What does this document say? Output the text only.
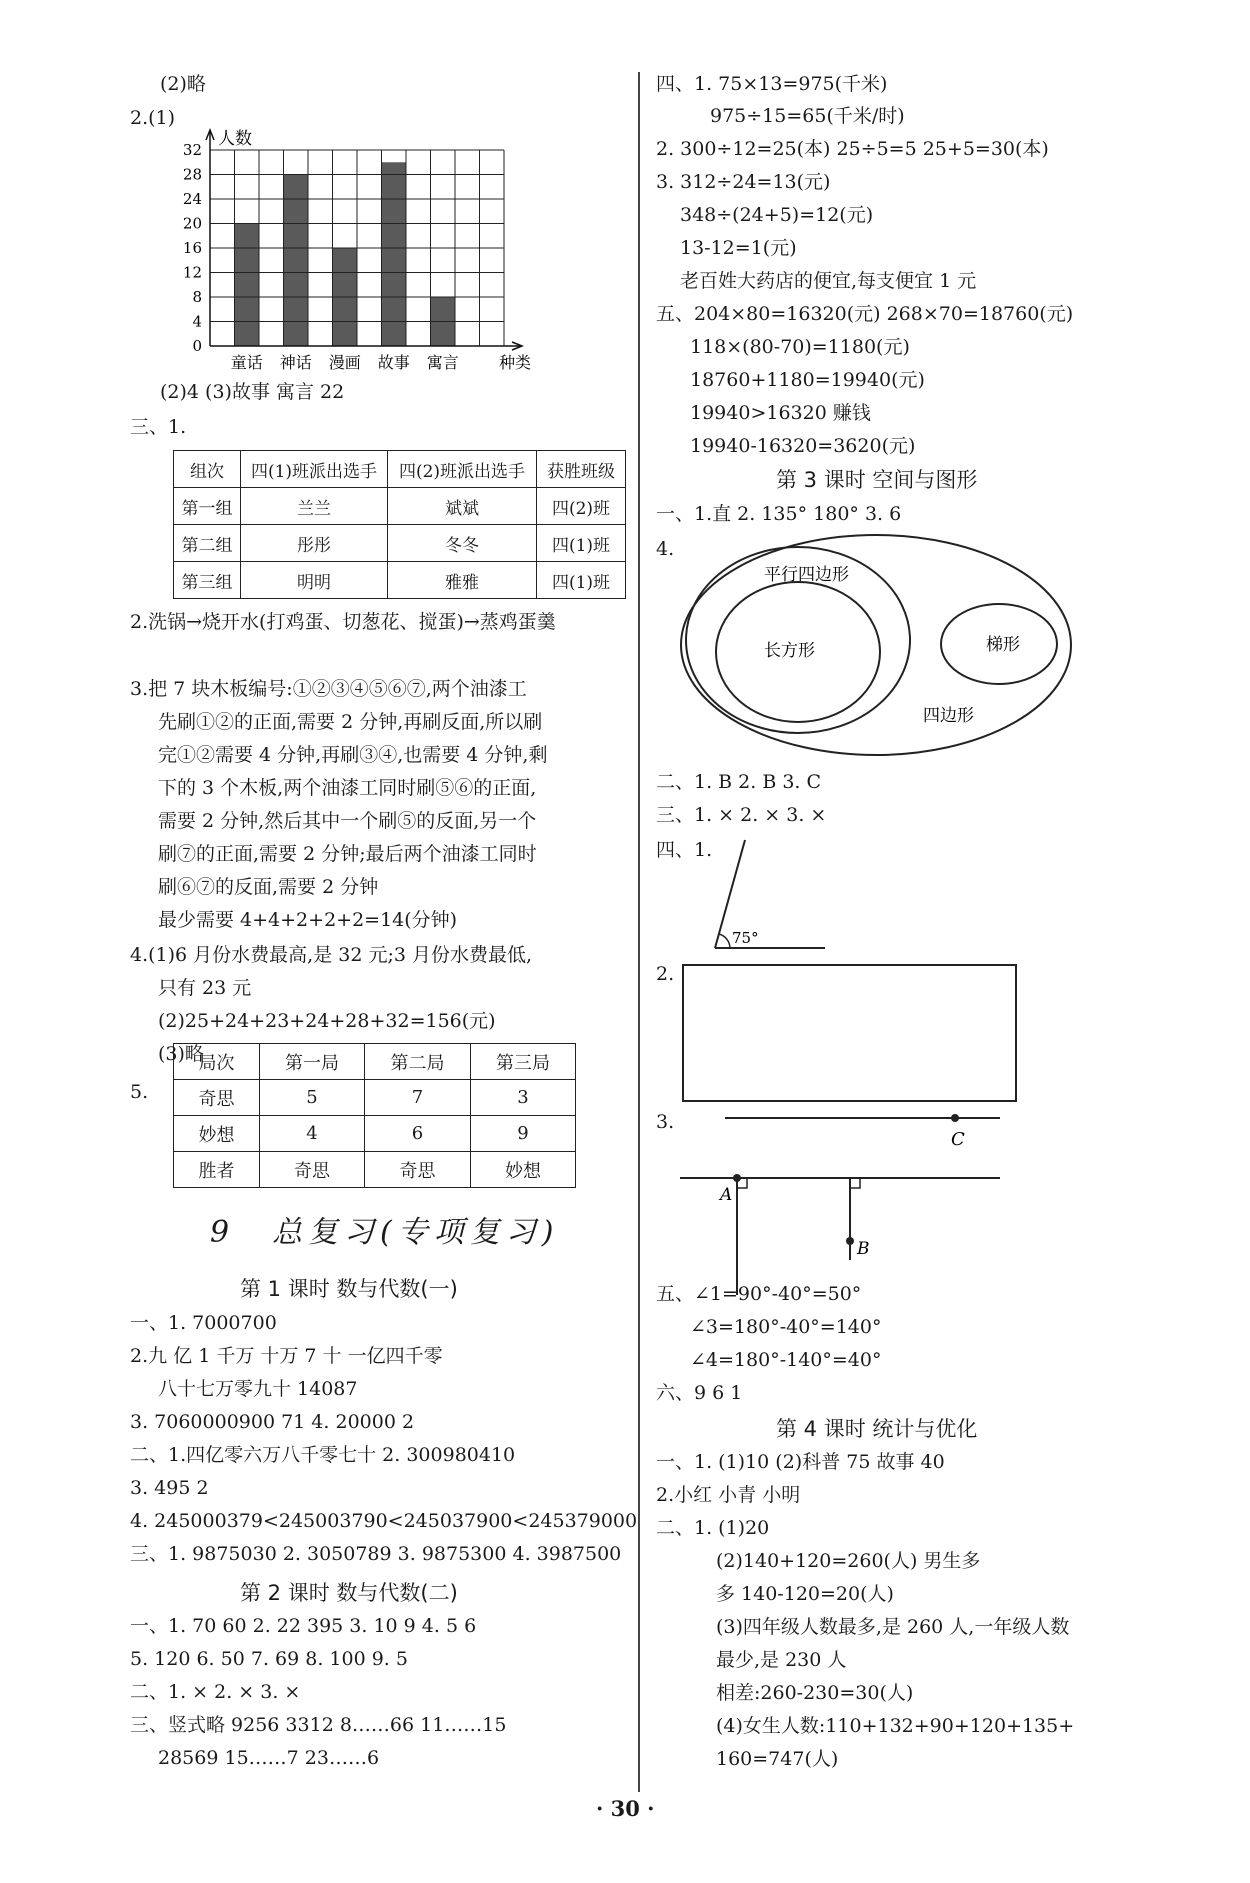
(2)略
2.(1)
0
4
8
12
16
20
24
28
32
童话 神话 漫画 故事 寓言
人数
种类
(2)4 (3)故事 寓言 22
三、1.
组次	四(1)班派出选手	四(2)班派出选手	获胜班级
第一组	兰兰	斌斌	四(2)班
第二组	彤彤	冬冬	四(1)班
第三组	明明	雅雅	四(1)班
2.洗锅→烧开水(打鸡蛋、切葱花、搅蛋)→蒸鸡蛋羹
3.把 7 块木板编号:①②③④⑤⑥⑦,两个油漆工
先刷①②的正面,需要 2 分钟,再刷反面,所以刷
完①②需要 4 分钟,再刷③④,也需要 4 分钟,剩
下的 3 个木板,两个油漆工同时刷⑤⑥的正面,
需要 2 分钟,然后其中一个刷⑤的反面,另一个
刷⑦的正面,需要 2 分钟;最后两个油漆工同时
刷⑥⑦的反面,需要 2 分钟
最少需要 4+4+2+2+2=14(分钟)
4.(1)6 月份水费最高,是 32 元;3 月份水费最低,
只有 23 元
(2)25+24+23+24+28+32=156(元)
(3)略
5.
局次	第一局	第二局	第三局
奇思	5	7	3
妙想	4	6	9
胜者	奇思	奇思	妙想
9 总复习(专项复习)
第 1 课时 数与代数(一)
一、1. 7000700
2.九 亿 1 千万 十万 7 十 一亿四千零
八十七万零九十 14087
3. 7060000900 71 4. 20000 2
二、1.四亿零六万八千零七十 2. 300980410
3. 495 2
4. 245000379<245003790<245037900<245379000
三、1. 9875030 2. 3050789 3. 9875300 4. 3987500
第 2 课时 数与代数(二)
一、1. 70 60 2. 22 395 3. 10 9 4. 5 6
5. 120 6. 50 7. 69 8. 100 9. 5
二、1. × 2. × 3. ×
三、竖式略 9256 3312 8……66 11……15
28569 15……7 23……6
四、1. 75×13=975(千米)
975÷15=65(千米/时)
2. 300÷12=25(本) 25÷5=5 25+5=30(本)
3. 312÷24=13(元)
348÷(24+5)=12(元)
13-12=1(元)
老百姓大药店的便宜,每支便宜 1 元
五、204×80=16320(元) 268×70=18760(元)
118×(80-70)=1180(元)
18760+1180=19940(元)
19940>16320 赚钱
19940-16320=3620(元)
第 3 课时 空间与图形
一、1.直 2. 135° 180° 3. 6
4.
平行四边形
长方形	梯形
四边形
二、1. B 2. B 3. C
三、1. × 2. × 3. ×
四、1.
75°
2.
3.
C
A
B
五、∠1=90°-40°=50°
∠3=180°-40°=140°
∠4=180°-140°=40°
六、9 6 1
第 4 课时 统计与优化
一、1. (1)10 (2)科普 75 故事 40
2.小红 小青 小明
二、1. (1)20
(2)140+120=260(人) 男生多
多 140-120=20(人)
(3)四年级人数最多,是 260 人,一年级人数
最少,是 230 人
相差:260-230=30(人)
(4)女生人数:110+132+90+120+135+
160=747(人)
· 30 ·
